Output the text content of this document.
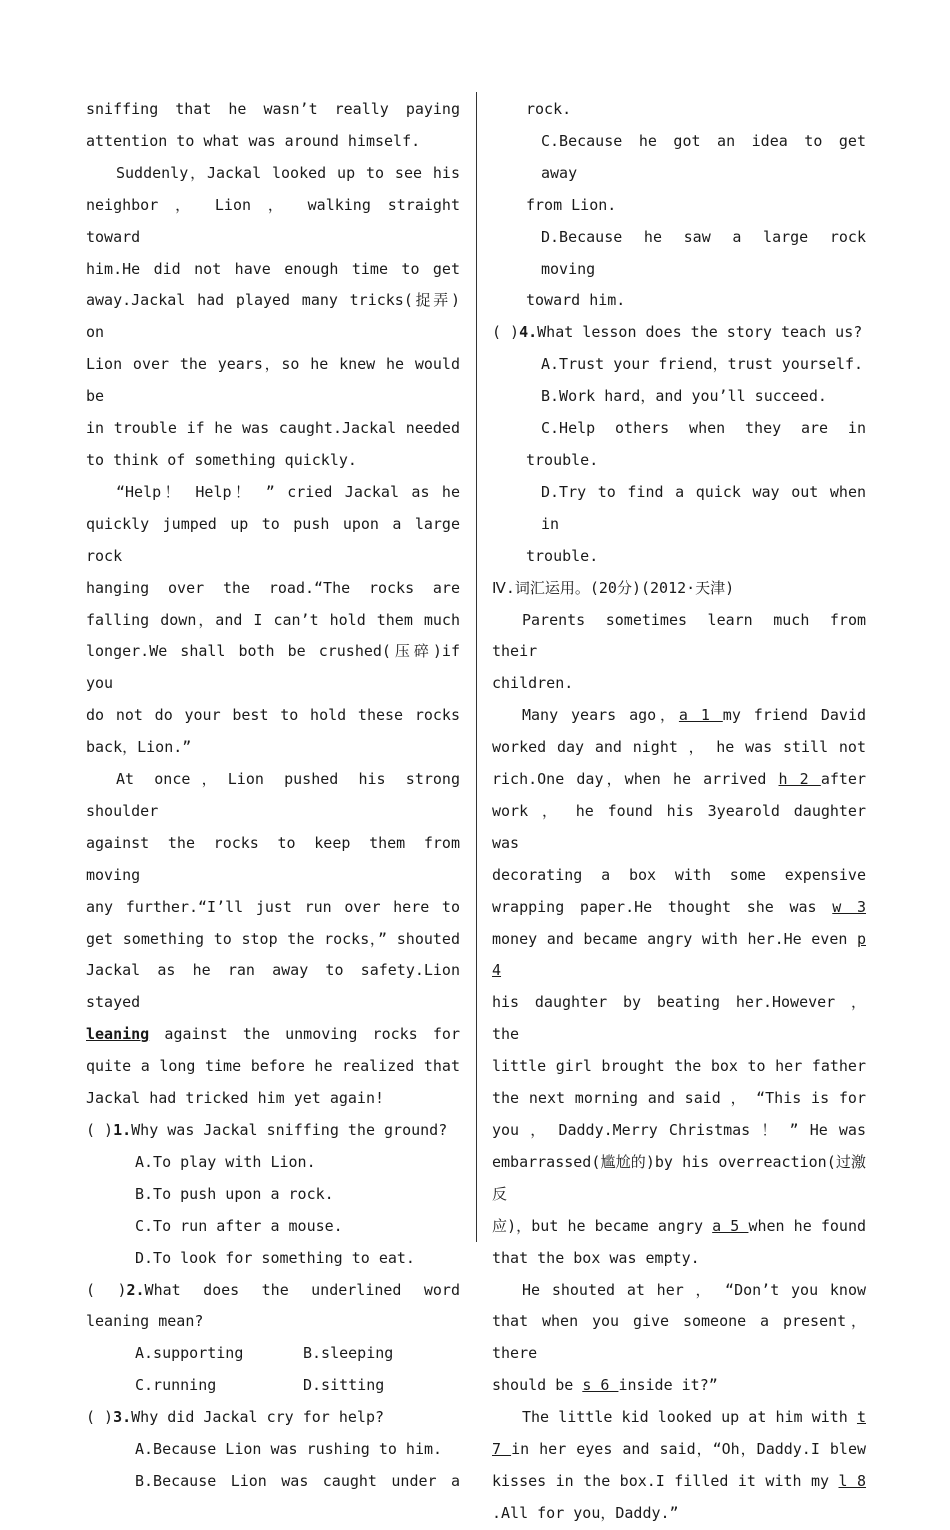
sniffing that he wasn’t really paying

attention to what was around himself.

Suddenly，Jackal looked up to see his

neighbor ， Lion ， walking straight toward

him.He did not have enough time to get

away.Jackal had played many tricks(捉弄) on

Lion over the years，so he knew he would be

in trouble if he was caught.Jackal needed

to think of something quickly.

“Help！ Help！ ” cried Jackal as he

quickly jumped up to push upon a large rock

hanging over the road.“The rocks are

falling down，and I can’t hold them much

longer.We shall both be crushed(压碎)if you

do not do your best to hold these rocks

back，Lion.”

At once，Lion pushed his strong shoulder

against the rocks to keep them from moving

any further.“I’ll just run over here to

get something to stop the rocks，” shouted

Jackal as he ran away to safety.Lion stayed

leaning against the unmoving rocks for

quite a long time before he realized that

Jackal had tricked him yet again!

( )1.Why was Jackal sniffing the ground?

A.To play with Lion.

B.To push upon a rock.

C.To run after a mouse.

D.To look for something to eat.

( )2.What does the underlined word

leaning mean?

A.supporting	B.sleeping
C.running	D.sitting

( )3.Why did Jackal cry for help?

A.Because Lion was rushing to him.

B.Because Lion was caught under a

rock.

C.Because he got an idea to get away

from Lion.

D.Because he saw a large rock moving

toward him.

( )4.What lesson does the story teach us?

A.Trust your friend，trust yourself.

B.Work hard，and you’ll succeed.

C.Help others when they are in

trouble.

D.Try to find a quick way out when in

trouble.

Ⅳ.词汇运用。(20分)(2012·天津)

Parents sometimes learn much from their

children.

Many years ago，a 1 my friend David

worked day and night ， he was still not

rich.One day，when he arrived h 2 after

work ， he found his 3yearold daughter was

decorating a box with some expensive

wrapping paper.He thought she was w 3

money and became angry with her.He even p 4

his daughter by beating her.However ， the

little girl brought the box to her father

the next morning and said ， “This is for

you ， Daddy.Merry Christmas ！ ” He was

embarrassed(尴尬的)by his overreaction(过激反

应)，but he became angry a 5 when he found

that the box was empty.

He shouted at her ， “Don’t you know

that when you give someone a present，there

should be s 6 inside it?”

The little kid looked up at him with t

7 in her eyes and said，“Oh，Daddy.I blew

kisses in the box.I filled it with my l 8

.All for you，Daddy.”
